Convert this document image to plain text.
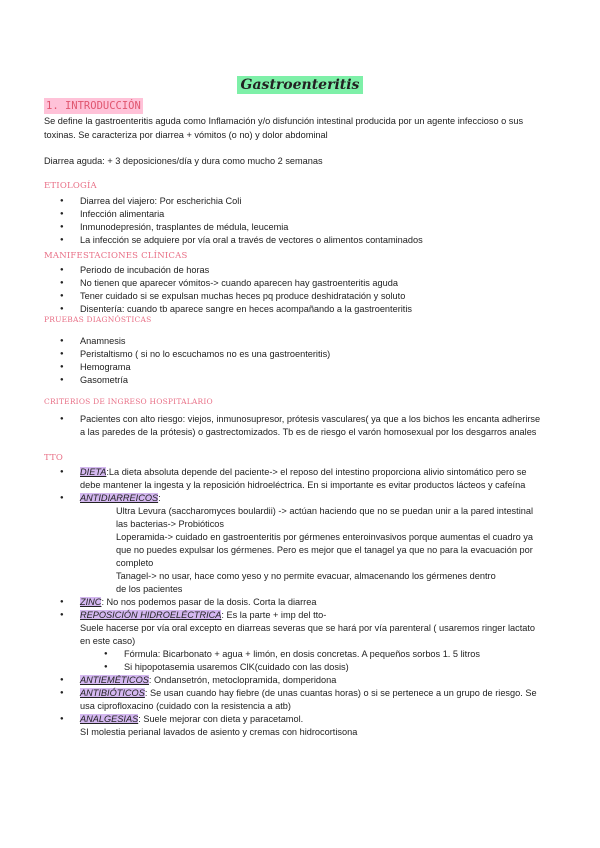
Gastroenteritis
1. INTRODUCCIÓN
Se define la gastroenteritis aguda como Inflamación y/o disfunción intestinal producida por un agente infeccioso o sus toxinas. Se caracteriza por diarrea + vómitos (o no) y dolor abdominal
Diarrea aguda: + 3 deposiciones/día y dura como mucho 2 semanas
ETIOLOGÍA
● Diarrea del viajero: Por escherichia Coli
● Infección alimentaria
● Inmunodepresión, trasplantes de médula, leucemia
● La infección se adquiere por vía oral a través de vectores o alimentos contaminados
MANIFESTACIONES CLÍNICAS
● Periodo de incubación de horas
● No tienen que aparecer vómitos-> cuando aparecen hay gastroenteritis aguda
● Tener cuidado si se expulsan muchas heces pq produce deshidratación y soluto
● Disentería: cuando tb aparece sangre en heces acompañando a la gastroenteritis
PRUEBAS DIAGNÓSTICAS
● Anamnesis
● Peristaltismo ( si no lo escuchamos no es una gastroenteritis)
● Hemograma
● Gasometría
CRITERIOS DE INGRESO HOSPITALARIO
● Pacientes con alto riesgo: viejos, inmunosupresor, prótesis vasculares( ya que a los bichos les encanta adherirse a las paredes de la prótesis) o gastrectomizados. Tb es de riesgo el varón homosexual por los desgarros anales
TTO
● DIETA:La dieta absoluta depende del paciente-> el reposo del intestino proporciona alivio sintomático pero se debe mantener la ingesta y la reposición hidroeléctrica. En si importante es evitar productos lácteos y cafeína
● ANTIDIARREICOS:
Ultra Levura (saccharomyces boulardii) -> actúan haciendo que no se puedan unir a la pared intestinal las bacterias-> Probióticos
Loperamida-> cuidado en gastroenteritis por gérmenes enteroinvasivos porque aumentas el cuadro ya que no puedes expulsar los gérmenes. Pero es mejor que el tanagel ya que no para la evacuación por completo
Tanagel-> no usar, hace como yeso y no permite evacuar, almacenando los gérmenes dentro
de los pacientes
● ZINC: No nos podemos pasar de la dosis. Corta la diarrea
● REPOSICIÓN HIDROELÉCTRICA: Es la parte + imp del tto-
Suele hacerse por vía oral excepto en diarreas severas que se hará por vía parenteral ( usaremos ringer lactato en este caso)
● Fórmula: Bicarbonato + agua + limón, en dosis concretas. A pequeños sorbos 1. 5 litros
● Si hipopotasemia usaremos ClK(cuidado con las dosis)
● ANTIEMÉTICOS: Ondansetrón, metoclopramida, domperidona
● ANTIBIÓTICOS: Se usan cuando hay fiebre (de unas cuantas horas) o si se pertenece a un grupo de riesgo. Se usa ciprofloxacino (cuidado con la resistencia a atb)
● ANALGESIAS: Suele mejorar con dieta y paracetamol.
SI molestia perianal lavados de asiento y cremas con hidrocortisona
